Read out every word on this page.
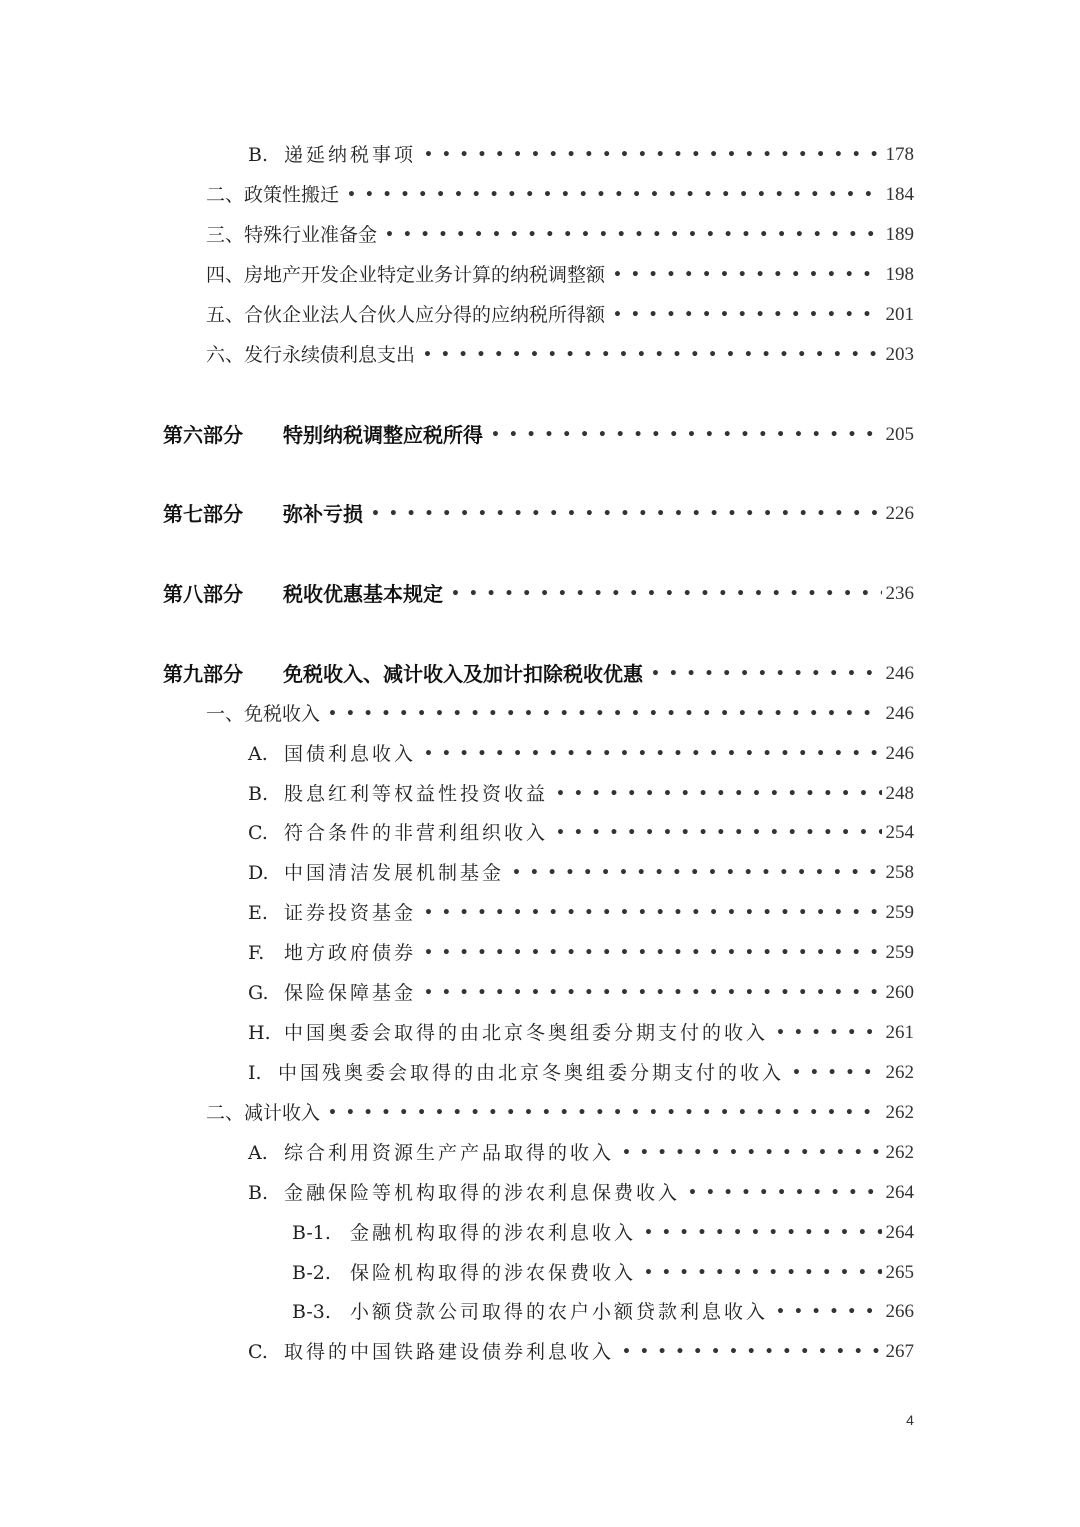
B. 递延纳税事项 • • •	178
二、政策性搬迁 • • •	184
三、特殊行业准备金 • • •	189
四、房地产开发企业特定业务计算的纳税调整额 • • •	198
五、合伙企业法人合伙人应分得的应纳税所得额 • • •	201
六、发行永续债利息支出 • • •	203
第六部分	特别纳税调整应税所得 • • •	205
第七部分	弥补亏损 • • •	226
第八部分	税收优惠基本规定 • • •	236
第九部分	免税收入、减计收入及加计扣除税收优惠 • • •	246
一、免税收入 • • •	246
A. 国债利息收入 • • •	246
B. 股息红利等权益性投资收益 • • •	248
C. 符合条件的非营利组织收入 • • •	254
D. 中国清洁发展机制基金 • • •	258
E. 证券投资基金 • • •	259
F.	地方政府债券 • • •	259
G. 保险保障基金 • • •	260
H. 中国奥委会取得的由北京冬奥组委分期支付的收入 • • •	261
I. 中国残奥委会取得的由北京冬奥组委分期支付的收入 • • •	262
二、减计收入 • • •	262
A. 综合利用资源生产产品取得的收入 • • •	262
B. 金融保险等机构取得的涉农利息保费收入 • • •	264
B-1.	金融机构取得的涉农利息收入 • • •	264
B-2.	保险机构取得的涉农保费收入 • • •	265
B-3.	小额贷款公司取得的农户小额贷款利息收入 • • •	266
C. 取得的中国铁路建设债券利息收入 • • •	267
4
